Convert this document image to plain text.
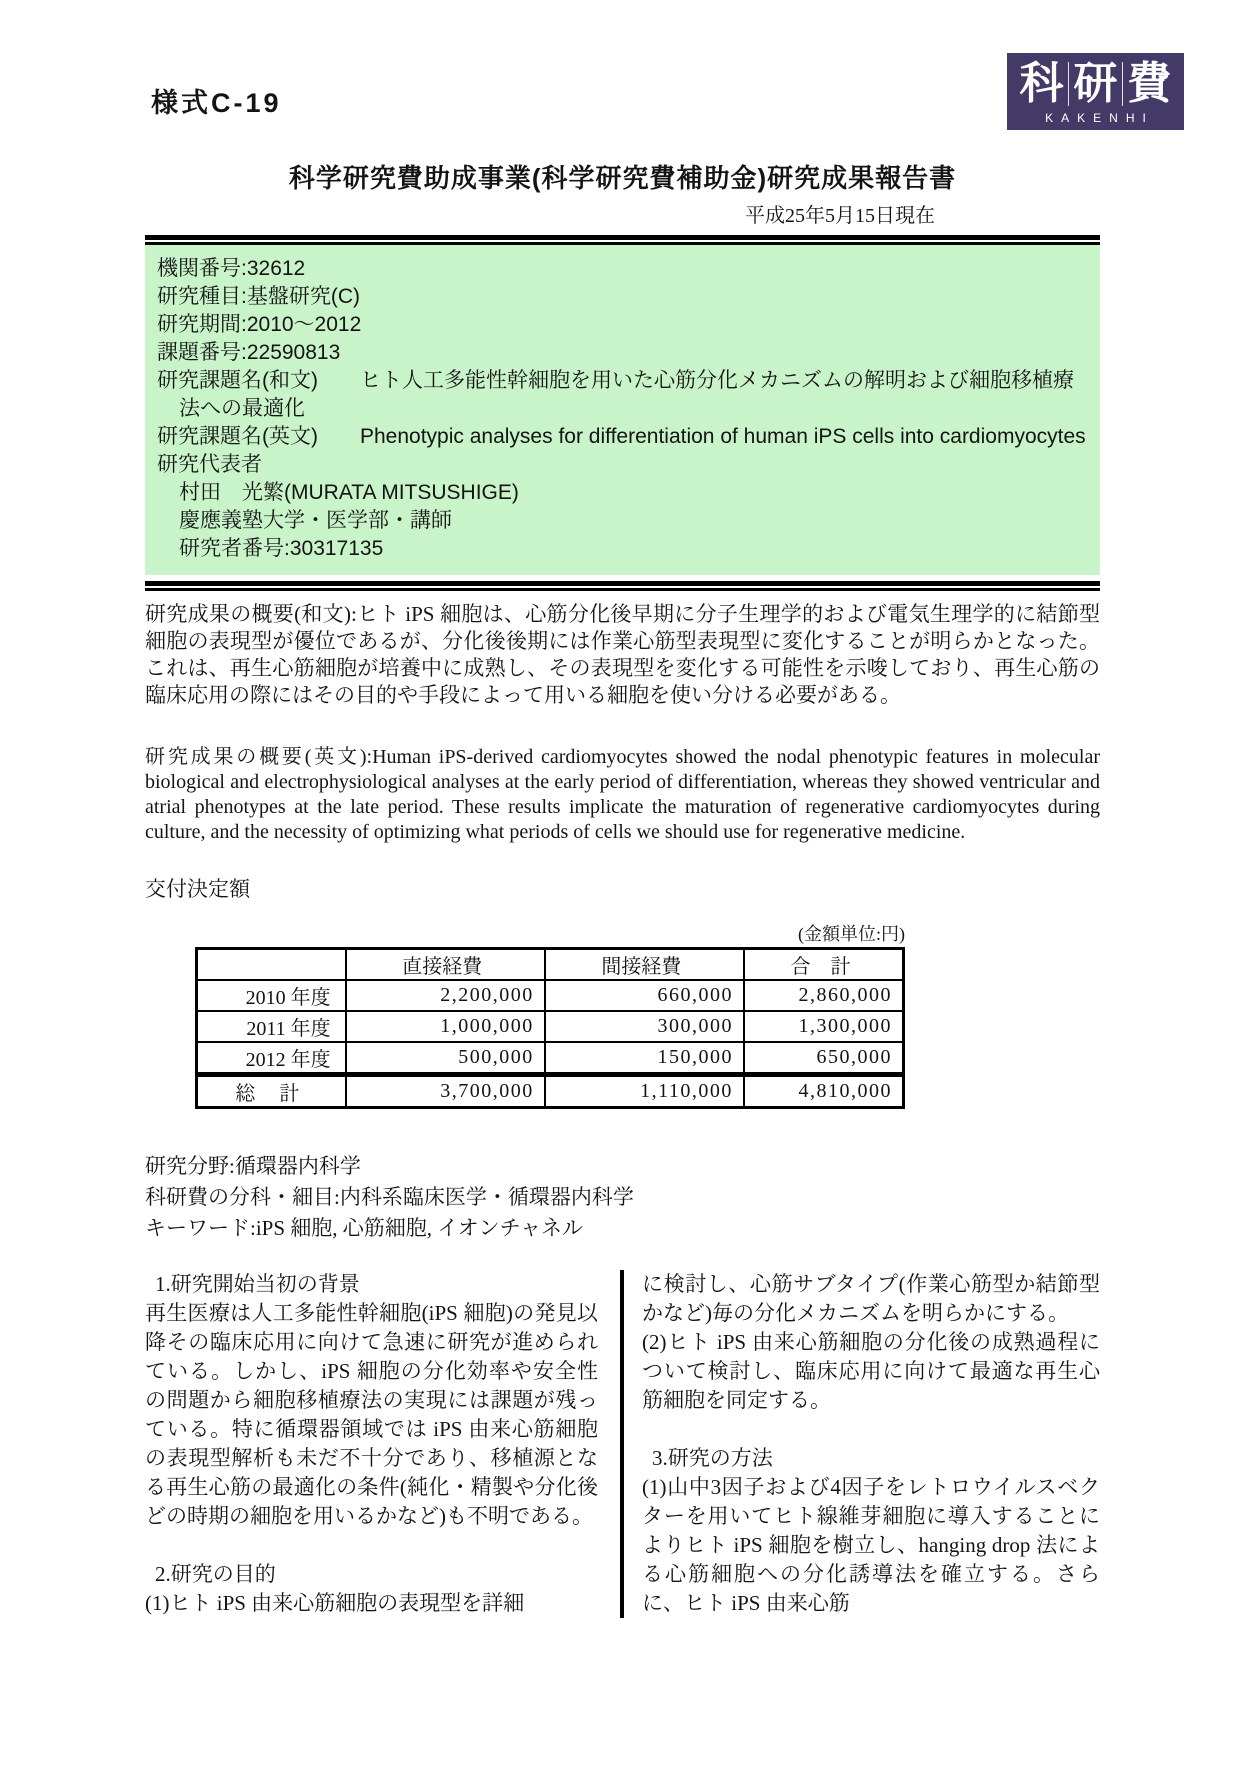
様式C-19	科 研 費
KAKENHI
科学研究費助成事業(科学研究費補助金)研究成果報告書
平成25年5月15日現在
機関番号:32612
研究種目:基盤研究(C)
研究期間:2010〜2012
課題番号:22590813
研究課題名(和文)　　ヒト人工多能性幹細胞を用いた心筋分化メカニズムの解明および細胞移植療法への最適化
研究課題名(英文)　　Phenotypic analyses for differentiation of human iPS cells into cardiomyocytes
研究代表者
村田　光繁(MURATA MITSUSHIGE)
慶應義塾大学・医学部・講師
研究者番号:30317135

研究成果の概要(和文):ヒト iPS 細胞は、心筋分化後早期に分子生理学的および電気生理学的に結節型細胞の表現型が優位であるが、分化後後期には作業心筋型表現型に変化することが明らかとなった。これは、再生心筋細胞が培養中に成熟し、その表現型を変化する可能性を示唆しており、再生心筋の臨床応用の際にはその目的や手段によって用いる細胞を使い分ける必要がある。

研究成果の概要(英文):Human iPS-derived cardiomyocytes showed the nodal phenotypic features in molecular biological and electrophysiological analyses at the early period of differentiation, whereas they showed ventricular and atrial phenotypes at the late period. These results implicate the maturation of regenerative cardiomyocytes during culture, and the necessity of optimizing what periods of cells we should use for regenerative medicine.

交付決定額
(金額単位:円)
	直接経費	間接経費	合　計
2010 年度	2,200,000	660,000	2,860,000
2011 年度	1,000,000	300,000	1,300,000
2012 年度	500,000	150,000	650,000
総　計	3,700,000	1,110,000	4,810,000
研究分野:循環器内科学
科研費の分科・細目:内科系臨床医学・循環器内科学
キーワード:iPS 細胞, 心筋細胞, イオンチャネル
1.研究開始当初の背景

再生医療は人工多能性幹細胞(iPS 細胞)の発見以降その臨床応用に向けて急速に研究が進められている。しかし、iPS 細胞の分化効率や安全性の問題から細胞移植療法の実現には課題が残っている。特に循環器領域では iPS 由来心筋細胞の表現型解析も未だ不十分であり、移植源となる再生心筋の最適化の条件(純化・精製や分化後どの時期の細胞を用いるかなど)も不明である。

2.研究の目的

(1)ヒト iPS 由来心筋細胞の表現型を詳細

に検討し、心筋サブタイプ(作業心筋型か結節型かなど)毎の分化メカニズムを明らかにする。

(2)ヒト iPS 由来心筋細胞の分化後の成熟過程について検討し、臨床応用に向けて最適な再生心筋細胞を同定する。

3.研究の方法

(1)山中3因子および4因子をレトロウイルスベクターを用いてヒト線維芽細胞に導入することによりヒト iPS 細胞を樹立し、hanging drop 法による心筋細胞への分化誘導法を確立する。さらに、ヒト iPS 由来心筋
